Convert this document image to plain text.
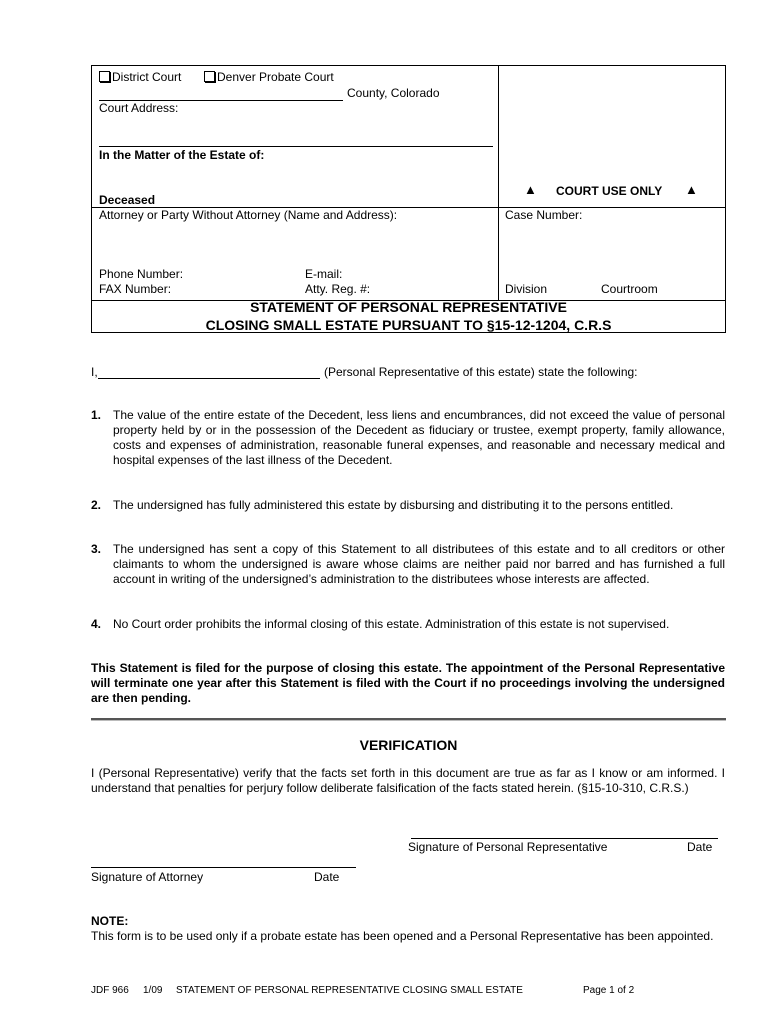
District Court	Denver Probate Court
County, Colorado
Court Address:
In the Matter of the Estate of:
Deceased
Attorney or Party Without Attorney (Name and Address):
Phone Number:	E-mail:
FAX Number:	Atty. Reg. #:
▲ COURT USE ONLY ▲
Case Number:
Division	Courtroom
STATEMENT OF PERSONAL REPRESENTATIVE
CLOSING SMALL ESTATE PURSUANT TO §15-12-1204, C.R.S
I,	(Personal Representative of this estate) state the following:
1. The value of the entire estate of the Decedent, less liens and encumbrances, did not exceed the value of personal property held by or in the possession of the Decedent as fiduciary or trustee, exempt property, family allowance, costs and expenses of administration, reasonable funeral expenses, and reasonable and necessary medical and hospital expenses of the last illness of the Decedent.
2. The undersigned has fully administered this estate by disbursing and distributing it to the persons entitled.
3. The undersigned has sent a copy of this Statement to all distributees of this estate and to all creditors or other claimants to whom the undersigned is aware whose claims are neither paid nor barred and has furnished a full account in writing of the undersigned’s administration to the distributees whose interests are affected.
4. No Court order prohibits the informal closing of this estate. Administration of this estate is not supervised.
This Statement is filed for the purpose of closing this estate. The appointment of the Personal Representative will terminate one year after this Statement is filed with the Court if no proceedings involving the undersigned are then pending.
VERIFICATION
I (Personal Representative) verify that the facts set forth in this document are true as far as I know or am informed. I understand that penalties for perjury follow deliberate falsification of the facts stated herein. (§15-10-310, C.R.S.)
Signature of Personal Representative	Date
Signature of Attorney	Date
NOTE:
This form is to be used only if a probate estate has been opened and a Personal Representative has been appointed.
JDF 966 1/09 STATEMENT OF PERSONAL REPRESENTATIVE CLOSING SMALL ESTATE	Page 1 of 2
